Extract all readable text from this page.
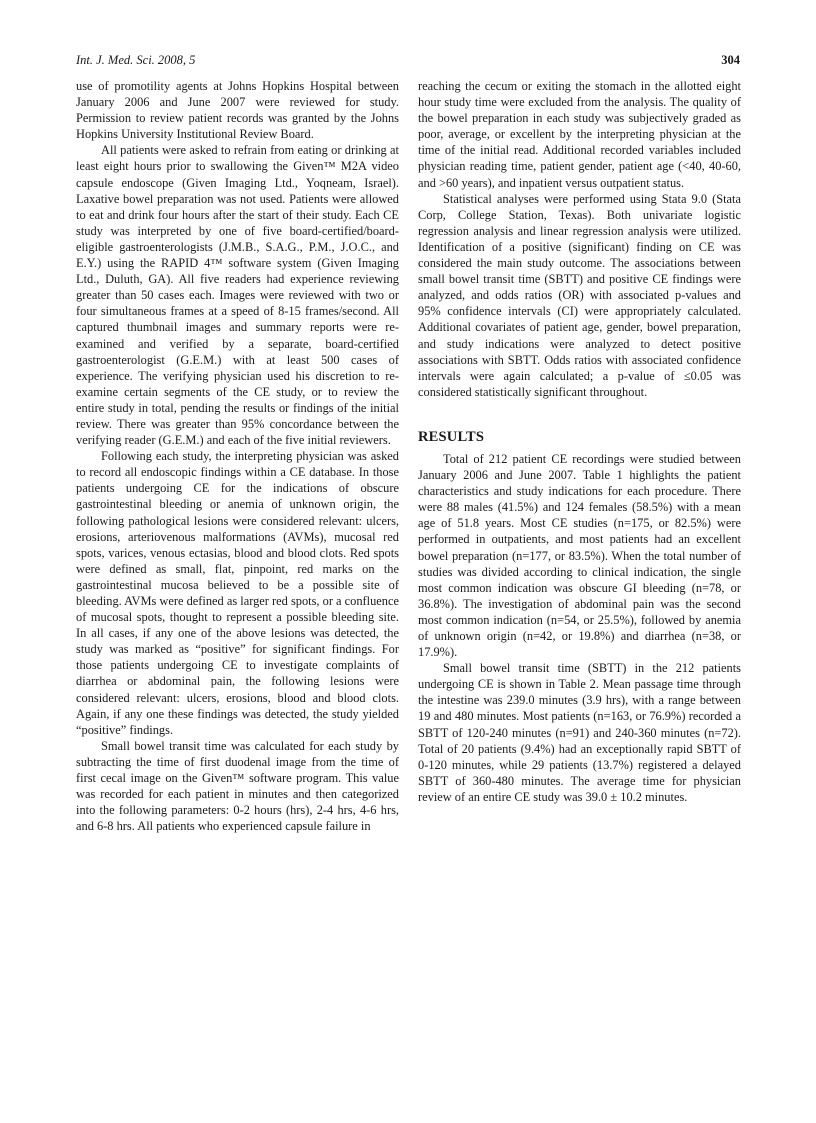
Int. J. Med. Sci. 2008, 5	304

use of promotility agents at Johns Hopkins Hospital between January 2006 and June 2007 were reviewed for study. Permission to review patient records was granted by the Johns Hopkins University Institutional Review Board.

All patients were asked to refrain from eating or drinking at least eight hours prior to swallowing the Given™ M2A video capsule endoscope (Given Imaging Ltd., Yoqneam, Israel). Laxative bowel preparation was not used. Patients were allowed to eat and drink four hours after the start of their study. Each CE study was interpreted by one of five board-certified/board-eligible gastroenterologists (J.M.B., S.A.G., P.M., J.O.C., and E.Y.) using the RAPID 4™ software system (Given Imaging Ltd., Duluth, GA). All five readers had experience reviewing greater than 50 cases each. Images were reviewed with two or four simultaneous frames at a speed of 8-15 frames/second. All captured thumbnail images and summary reports were re-examined and verified by a separate, board-certified gastroenterologist (G.E.M.) with at least 500 cases of experience. The verifying physician used his discretion to re-examine certain segments of the CE study, or to review the entire study in total, pending the results or findings of the initial review. There was greater than 95% concordance between the verifying reader (G.E.M.) and each of the five initial reviewers.

Following each study, the interpreting physician was asked to record all endoscopic findings within a CE database. In those patients undergoing CE for the indications of obscure gastrointestinal bleeding or anemia of unknown origin, the following pathological lesions were considered relevant: ulcers, erosions, arteriovenous malformations (AVMs), mucosal red spots, varices, venous ectasias, blood and blood clots. Red spots were defined as small, flat, pinpoint, red marks on the gastrointestinal mucosa believed to be a possible site of bleeding. AVMs were defined as larger red spots, or a confluence of mucosal spots, thought to represent a possible bleeding site. In all cases, if any one of the above lesions was detected, the study was marked as “positive” for significant findings. For those patients undergoing CE to investigate complaints of diarrhea or abdominal pain, the following lesions were considered relevant: ulcers, erosions, blood and blood clots. Again, if any one these findings was detected, the study yielded “positive” findings.

Small bowel transit time was calculated for each study by subtracting the time of first duodenal image from the time of first cecal image on the Given™ software program. This value was recorded for each patient in minutes and then categorized into the following parameters: 0-2 hours (hrs), 2-4 hrs, 4-6 hrs, and 6-8 hrs. All patients who experienced capsule failure in

reaching the cecum or exiting the stomach in the allotted eight hour study time were excluded from the analysis. The quality of the bowel preparation in each study was subjectively graded as poor, average, or excellent by the interpreting physician at the time of the initial read. Additional recorded variables included physician reading time, patient gender, patient age (<40, 40-60, and >60 years), and inpatient versus outpatient status.

Statistical analyses were performed using Stata 9.0 (Stata Corp, College Station, Texas). Both univariate logistic regression analysis and linear regression analysis were utilized. Identification of a positive (significant) finding on CE was considered the main study outcome. The associations between small bowel transit time (SBTT) and positive CE findings were analyzed, and odds ratios (OR) with associated p-values and 95% confidence intervals (CI) were appropriately calculated. Additional covariates of patient age, gender, bowel preparation, and study indications were analyzed to detect positive associations with SBTT. Odds ratios with associated confidence intervals were again calculated; a p-value of ≤0.05 was considered statistically significant throughout.

RESULTS

Total of 212 patient CE recordings were studied between January 2006 and June 2007. Table 1 highlights the patient characteristics and study indications for each procedure. There were 88 males (41.5%) and 124 females (58.5%) with a mean age of 51.8 years. Most CE studies (n=175, or 82.5%) were performed in outpatients, and most patients had an excellent bowel preparation (n=177, or 83.5%). When the total number of studies was divided according to clinical indication, the single most common indication was obscure GI bleeding (n=78, or 36.8%). The investigation of abdominal pain was the second most common indication (n=54, or 25.5%), followed by anemia of unknown origin (n=42, or 19.8%) and diarrhea (n=38, or 17.9%).

Small bowel transit time (SBTT) in the 212 patients undergoing CE is shown in Table 2. Mean passage time through the intestine was 239.0 minutes (3.9 hrs), with a range between 19 and 480 minutes. Most patients (n=163, or 76.9%) recorded a SBTT of 120-240 minutes (n=91) and 240-360 minutes (n=72). Total of 20 patients (9.4%) had an exceptionally rapid SBTT of 0-120 minutes, while 29 patients (13.7%) registered a delayed SBTT of 360-480 minutes. The average time for physician review of an entire CE study was 39.0 ± 10.2 minutes.
